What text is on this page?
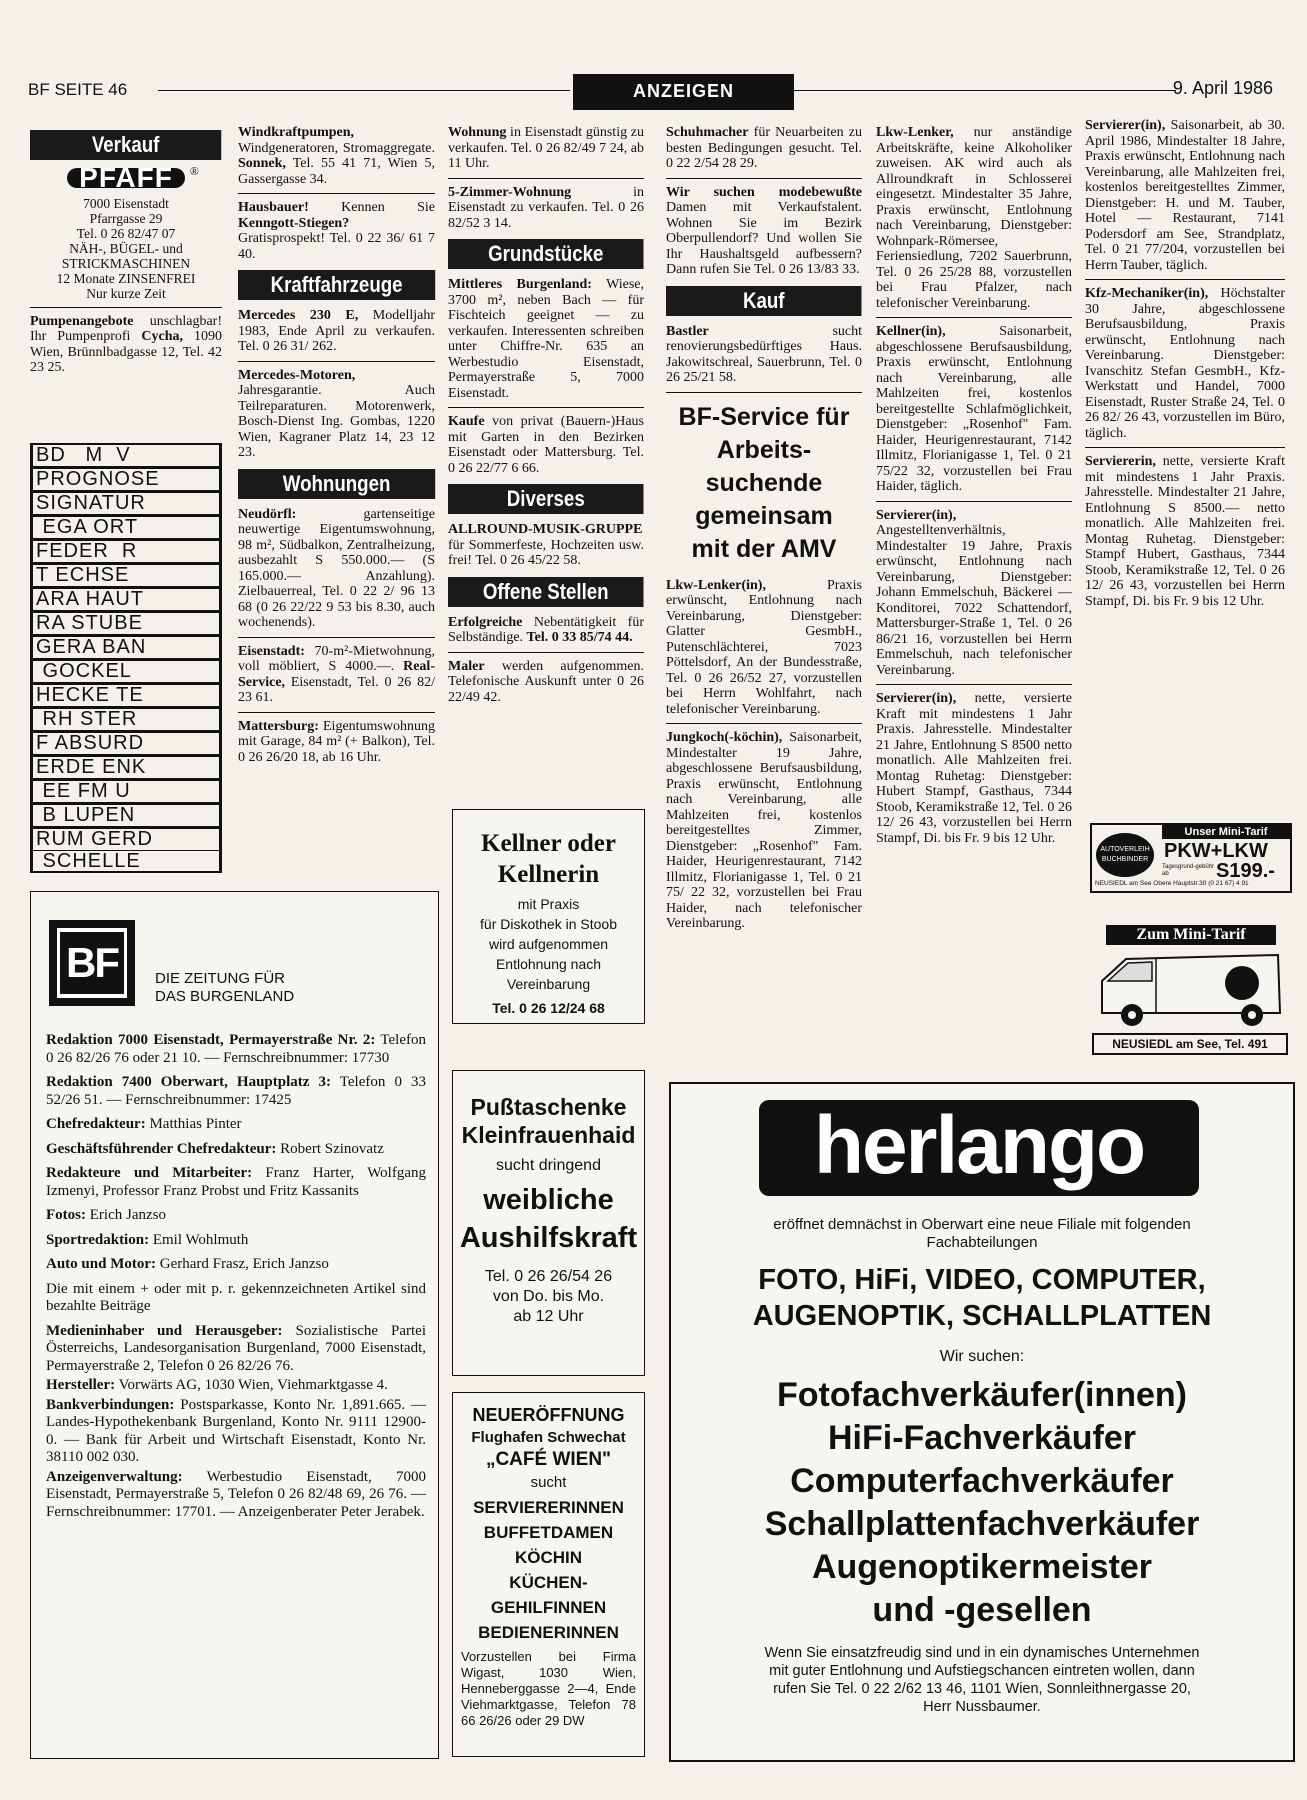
BF SEITE 46	ANZEIGEN	9. April 1986
Verkauf
PFAFF ®
7000 Eisenstadt
Pfarrgasse 29
Tel. 0 26 82/47 07
NÄH-, BÜGEL- und
STRICKMASCHINEN
12 Monate ZINSENFREI
Nur kurze Zeit

Pumpenangebote unschlagbar! Ihr Pumpenprofi Cycha, 1090 Wien, Brünnlbadgasse 12, Tel. 42 23 25.

BD   M  V
PROGNOSE
SIGNATUR
EGA ORT
FEDER  R
T ECHSE
ARA HAUT
RA STUBE
GERA BAN
GOCKEL
HECKE TE
RH STER
F ABSURD
ERDE ENK
EE FM U
B LUPEN
RUM GERD
SCHELLE

Windkraftpumpen, Windgeneratoren, Stromaggregate. Sonnek, Tel. 55 41 71, Wien 5, Gassergasse 34.

Hausbauer! Kennen Sie Kenngott-Stiegen? Gratisprospekt! Tel. 0 22 36/ 61 7 40.

Kraftfahrzeuge

Mercedes 230 E, Modelljahr 1983, Ende April zu verkaufen. Tel. 0 26 31/ 262.

Mercedes-Motoren, Jahresgarantie. Auch Teilreparaturen. Motorenwerk, Bosch-Dienst Ing. Gombas, 1220 Wien, Kagraner Platz 14, 23 12 23.

Wohnungen

Neudörfl: gartenseitige neuwertige Eigentumswohnung, 98 m², Südbalkon, Zentralheizung, ausbezahlt S 550.000.— (S 165.000.— Anzahlung). Zielbauerreal, Tel. 0 22 2/ 96 13 68 (0 26 22/22 9 53 bis 8.30, auch wochenends).

Eisenstadt: 70-m²-Mietwohnung, voll möbliert, S 4000.—. Real-Service, Eisenstadt, Tel. 0 26 82/ 23 61.

Mattersburg: Eigentumswohnung mit Garage, 84 m² (+ Balkon), Tel. 0 26 26/20 18, ab 16 Uhr.

Wohnung in Eisenstadt günstig zu verkaufen. Tel. 0 26 82/49 7 24, ab 11 Uhr.

5-Zimmer-Wohnung in Eisenstadt zu verkaufen. Tel. 0 26 82/52 3 14.

Grundstücke

Mittleres Burgenland: Wiese, 3700 m², neben Bach — für Fischteich geeignet — zu verkaufen. Interessenten schreiben unter Chiffre-Nr. 635 an Werbestudio Eisenstadt, Permayerstraße 5, 7000 Eisenstadt.

Kaufe von privat (Bauern-)Haus mit Garten in den Bezirken Eisenstadt oder Mattersburg. Tel. 0 26 22/77 6 66.

Diverses

ALLROUND-MUSIK-GRUPPE für Sommerfeste, Hochzeiten usw. frei! Tel. 0 26 45/22 58.

Offene Stellen

Erfolgreiche Nebentätigkeit für Selbständige. Tel. 0 33 85/74 44.

Maler werden aufgenommen. Telefonische Auskunft unter 0 26 22/49 42.

Schuhmacher für Neuarbeiten zu besten Bedingungen gesucht. Tel. 0 22 2/54 28 29.

Wir suchen modebewußte Damen mit Verkaufstalent. Wohnen Sie im Bezirk Oberpullendorf? Und wollen Sie Ihr Haushaltsgeld aufbessern? Dann rufen Sie Tel. 0 26 13/83 33.

Kauf

Bastler sucht renovierungsbedürftiges Haus. Jakowitschreal, Sauerbrunn, Tel. 0 26 25/21 58.

BF-Service für
Arbeits-
suchende
gemeinsam
mit der AMV

Lkw-Lenker(in), Praxis erwünscht, Entlohnung nach Vereinbarung, Dienstgeber: Glatter GesmbH., Putenschlächterei, 7023 Pöttelsdorf, An der Bundesstraße, Tel. 0 26 26/52 27, vorzustellen bei Herrn Wohlfahrt, nach telefonischer Vereinbarung.

Jungkoch(-köchin), Saisonarbeit, Mindestalter 19 Jahre, abgeschlossene Berufsausbildung, Praxis erwünscht, Entlohnung nach Vereinbarung, alle Mahlzeiten frei, kostenlos bereitgestelltes Zimmer, Dienstgeber: „Rosenhof" Fam. Haider, Heurigenrestaurant, 7142 Illmitz, Florianigasse 1, Tel. 0 21 75/ 22 32, vorzustellen bei Frau Haider, nach telefonischer Vereinbarung.

Lkw-Lenker, nur anständige Arbeitskräfte, keine Alkoholiker zuweisen. AK wird auch als Allroundkraft in Schlosserei eingesetzt. Mindestalter 35 Jahre, Praxis erwünscht, Entlohnung nach Vereinbarung, Dienstgeber: Wohnpark-Römersee, Feriensiedlung, 7202 Sauerbrunn, Tel. 0 26 25/28 88, vorzustellen bei Frau Pfalzer, nach telefonischer Vereinbarung.

Kellner(in), Saisonarbeit, abgeschlossene Berufsausbildung, Praxis erwünscht, Entlohnung nach Vereinbarung, alle Mahlzeiten frei, kostenlos bereitgestellte Schlafmöglichkeit, Dienstgeber: „Rosenhof" Fam. Haider, Heurigenrestaurant, 7142 Illmitz, Florianigasse 1, Tel. 0 21 75/22 32, vorzustellen bei Frau Haider, täglich.

Servierer(in), Angestelltenverhältnis, Mindestalter 19 Jahre, Praxis erwünscht, Entlohnung nach Vereinbarung, Dienstgeber: Johann Emmelschuh, Bäckerei — Konditorei, 7022 Schattendorf, Mattersburger-Straße 1, Tel. 0 26 86/21 16, vorzustellen bei Herrn Emmelschuh, nach telefonischer Vereinbarung.

Servierer(in), nette, versierte Kraft mit mindestens 1 Jahr Praxis. Jahresstelle. Mindestalter 21 Jahre, Entlohnung S 8500 netto monatlich. Alle Mahlzeiten frei. Montag Ruhetag: Dienstgeber: Hubert Stampf, Gasthaus, 7344 Stoob, Keramikstraße 12, Tel. 0 26 12/ 26 43, vorzustellen bei Herrn Stampf, Di. bis Fr. 9 bis 12 Uhr.

Servierer(in), Saisonarbeit, ab 30. April 1986, Mindestalter 18 Jahre, Praxis erwünscht, Entlohnung nach Vereinbarung, alle Mahlzeiten frei, kostenlos bereitgestelltes Zimmer, Dienstgeber: H. und M. Tauber, Hotel — Restaurant, 7141 Podersdorf am See, Strandplatz, Tel. 0 21 77/204, vorzustellen bei Herrn Tauber, täglich.

Kfz-Mechaniker(in), Höchstalter 30 Jahre, abgeschlossene Berufsausbildung, Praxis erwünscht, Entlohnung nach Vereinbarung. Dienstgeber: Ivanschitz Stefan GesmbH., Kfz-Werkstatt und Handel, 7000 Eisenstadt, Ruster Straße 24, Tel. 0 26 82/ 26 43, vorzustellen im Büro, täglich.

Serviererin, nette, versierte Kraft mit mindestens 1 Jahr Praxis. Jahresstelle. Mindestalter 21 Jahre, Entlohnung S 8500.— netto monatlich. Alle Mahlzeiten frei. Montag Ruhetag. Dienstgeber: Stampf Hubert, Gasthaus, 7344 Stoob, Keramikstraße 12, Tel. 0 26 12/ 26 43, vorzustellen bei Herrn Stampf, Di. bis Fr. 9 bis 12 Uhr.

BF	DIE ZEITUNG FÜR
DAS BURGENLAND

Redaktion 7000 Eisenstadt, Permayerstraße Nr. 2: Telefon 0 26 82/26 76 oder 21 10. — Fernschreibnummer: 17730

Redaktion 7400 Oberwart, Hauptplatz 3: Telefon 0 33 52/26 51. — Fernschreibnummer: 17425

Chefredakteur: Matthias Pinter

Geschäftsführender Chefredakteur: Robert Szinovatz

Redakteure und Mitarbeiter: Franz Harter, Wolfgang Izmenyi, Professor Franz Probst und Fritz Kassanits

Fotos: Erich Janzso

Sportredaktion: Emil Wohlmuth

Auto und Motor: Gerhard Frasz, Erich Janzso

Die mit einem + oder mit p. r. gekennzeichneten Artikel sind bezahlte Beiträge

Medieninhaber und Herausgeber: Sozialistische Partei Österreichs, Landesorganisation Burgenland, 7000 Eisenstadt, Permayerstraße 2, Telefon 0 26 82/26 76.

Hersteller: Vorwärts AG, 1030 Wien, Viehmarktgasse 4.

Bankverbindungen: Postsparkasse, Konto Nr. 1,891.665. — Landes-Hypothekenbank Burgenland, Konto Nr. 9111 12900-0. — Bank für Arbeit und Wirtschaft Eisenstadt, Konto Nr. 38110 002 030.

Anzeigenverwaltung: Werbestudio Eisenstadt, 7000 Eisenstadt, Permayerstraße 5, Telefon 0 26 82/48 69, 26 76. — Fernschreibnummer: 17701. — Anzeigenberater Peter Jerabek.

Kellner oder
Kellnerin
mit Praxis
für Diskothek in Stoob
wird aufgenommen
Entlohnung nach Vereinbarung
Tel. 0 26 12/24 68
Pußtaschenke
Kleinfrauenhaid
sucht dringend
weibliche
Aushilfskraft
Tel. 0 26 26/54 26
von Do. bis Mo.
ab 12 Uhr
NEUERÖFFNUNG
Flughafen Schwechat
„CAFÉ WIEN"
sucht
SERVIERERINNEN
BUFFETDAMEN
KÖCHIN
KÜCHEN-
GEHILFINNEN
BEDIENERINNEN
Vorzustellen bei Firma Wigast, 1030 Wien, Henneberggasse 2—4, Ende Viehmarktgasse, Telefon 78 66 26/26 oder 29 DW
Unser Mini-Tarif
AUTOVERLEIH
BUCHBINDER PKW+LKW
Tagesgrund-gebühr ab	S199.-
NEUSIEDL am See Obere Hauptstr.30 (0 21 67) 4 91
Zum Mini-Tarif
NEUSIEDL am See, Tel. 491
herlango
eröffnet demnächst in Oberwart eine neue Filiale mit folgenden Fachabteilungen
FOTO, HiFi, VIDEO, COMPUTER,
AUGENOPTIK, SCHALLPLATTEN
Wir suchen:
Fotofachverkäufer(innen)
HiFi-Fachverkäufer
Computerfachverkäufer
Schallplattenfachverkäufer
Augenoptikermeister
und -gesellen
Wenn Sie einsatzfreudig sind und in ein dynamisches Unternehmen mit guter Entlohnung und Aufstiegschancen eintreten wollen, dann rufen Sie Tel. 0 22 2/62 13 46, 1101 Wien, Sonnleithnergasse 20, Herr Nussbaumer.
